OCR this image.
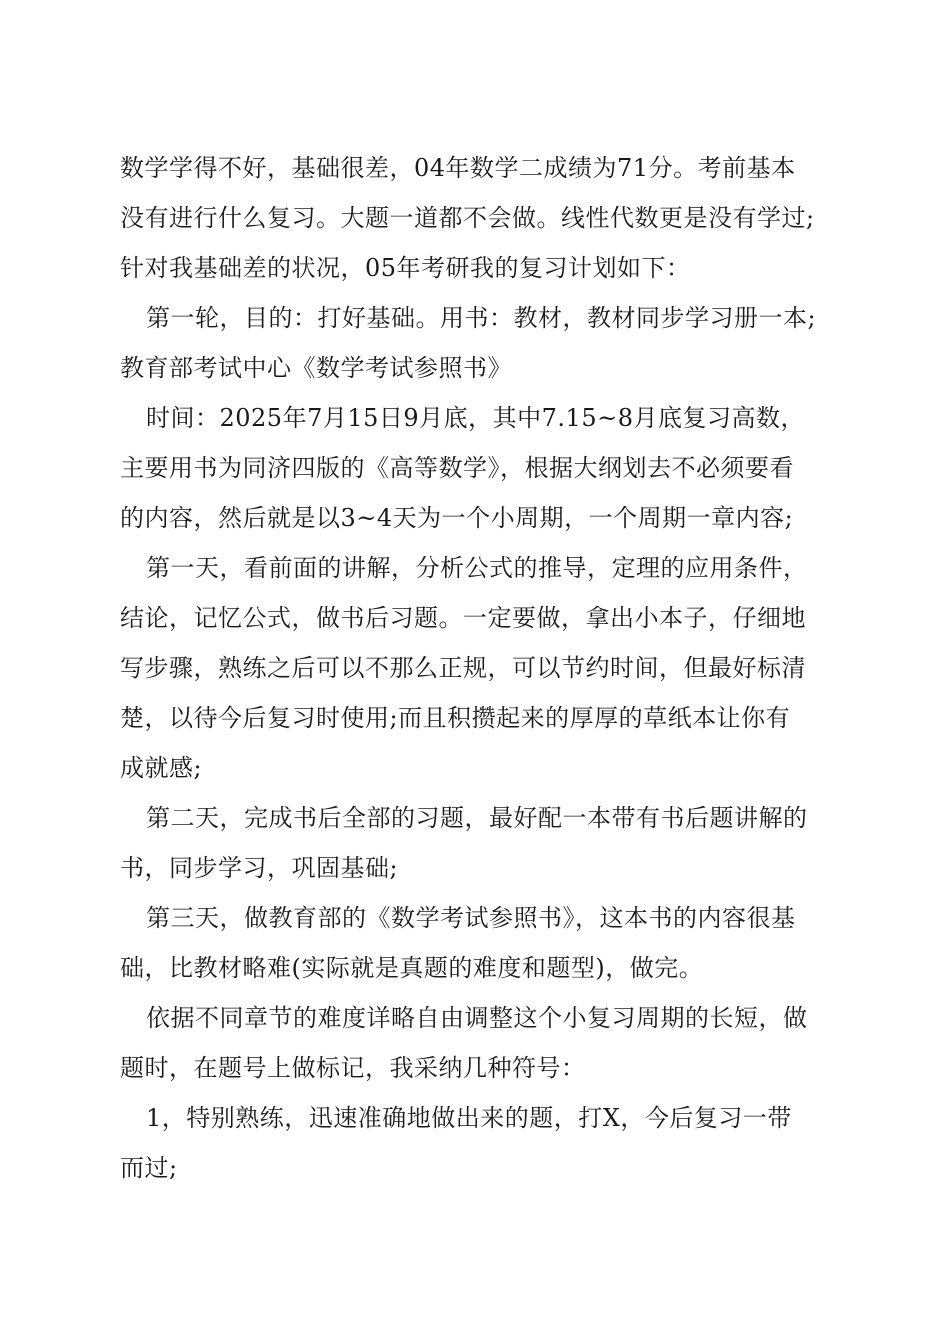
数学学得不好，基础很差，04年数学二成绩为71分。考前基本
没有进行什么复习。大题一道都不会做。线性代数更是没有学过;
针对我基础差的状况，05年考研我的复习计划如下：
第一轮，目的：打好基础。用书：教材，教材同步学习册一本;
教育部考试中心《数学考试参照书》
时间：2025年7月15日9月底，其中7.15~8月底复习高数，
主要用书为同济四版的《高等数学》，根据大纲划去不必须要看
的内容，然后就是以3~4天为一个小周期，一个周期一章内容;
第一天，看前面的讲解，分析公式的推导，定理的应用条件，
结论，记忆公式，做书后习题。一定要做，拿出小本子，仔细地
写步骤，熟练之后可以不那么正规，可以节约时间，但最好标清
楚，以待今后复习时使用;而且积攒起来的厚厚的草纸本让你有
成就感;
第二天，完成书后全部的习题，最好配一本带有书后题讲解的
书，同步学习，巩固基础;
第三天，做教育部的《数学考试参照书》，这本书的内容很基
础，比教材略难(实际就是真题的难度和题型)，做完。
依据不同章节的难度详略自由调整这个小复习周期的长短，做
题时，在题号上做标记，我采纳几种符号：
1，特别熟练，迅速准确地做出来的题，打X，今后复习一带
而过;
